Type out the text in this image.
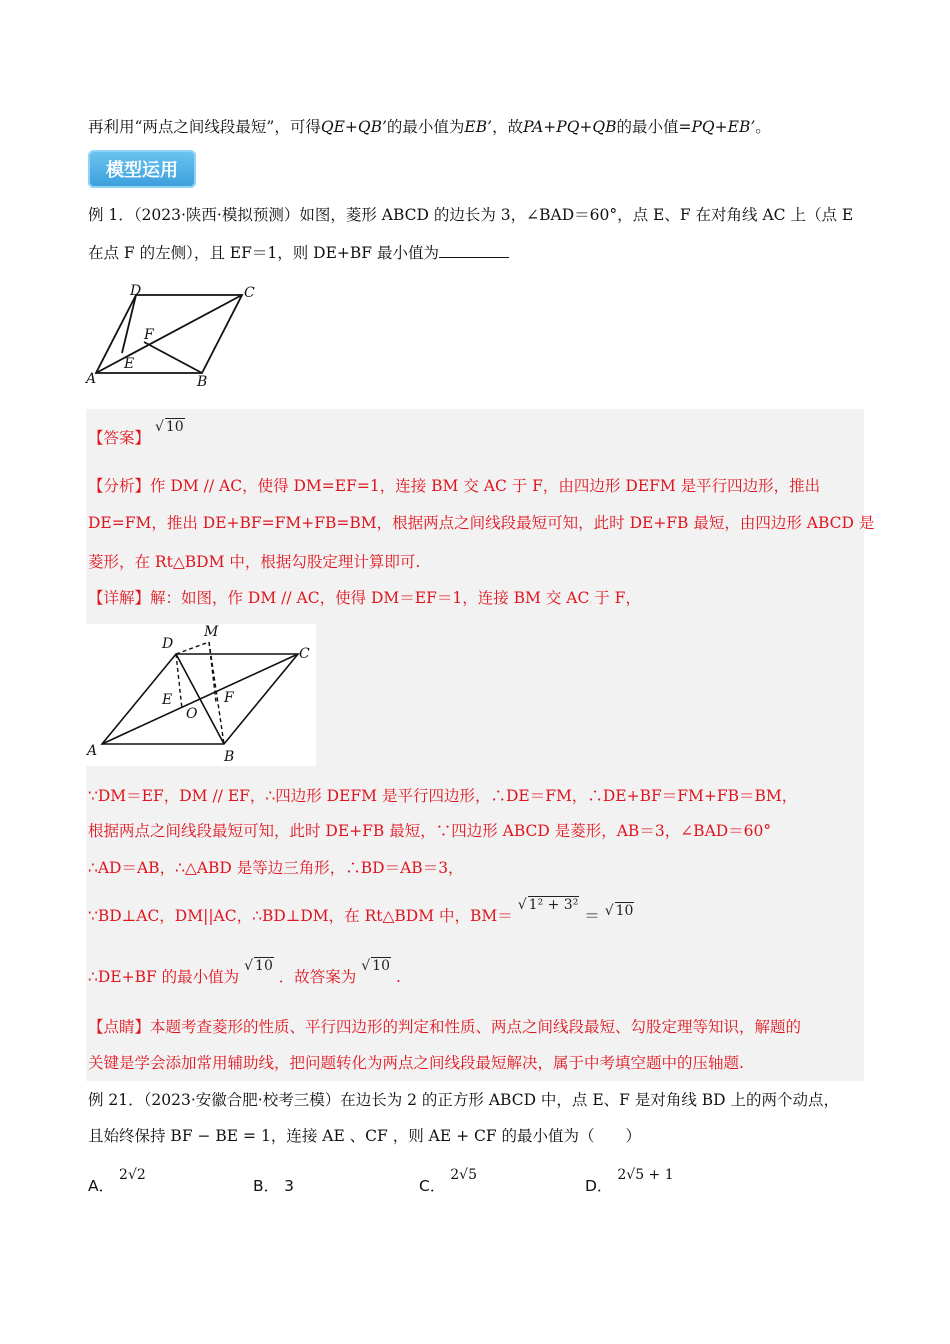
再利用“两点之间线段最短”，可得QE+QB’的最小值为EB’，故PA+PQ+QB的最小值=PQ+EB’。
模型运用
例 1．（2023·陕西·模拟预测）如图，菱形 ABCD 的边长为 3，∠BAD＝60°，点 E、F 在对角线 AC 上（点 E
在点 F 的左侧），且 EF＝1，则 DE+BF 最小值为
D	C
F
E
A	B
【答案】 √ 10
【分析】作 DM // AC，使得 DM=EF=1，连接 BM 交 AC 于 F，由四边形 DEFM 是平行四边形，推出
DE=FM，推出 DE+BF=FM+FB=BM，根据两点之间线段最短可知，此时 DE+FB 最短，由四边形 ABCD 是
菱形，在 Rt△BDM 中，根据勾股定理计算即可.
【详解】解：如图，作 DM // AC，使得 DM＝EF＝1，连接 BM 交 AC 于 F，
D
M
C
E	F
O
A	B
∵DM＝EF，DM // EF，∴四边形 DEFM 是平行四边形，∴DE＝FM，∴DE+BF＝FM+FB＝BM，
根据两点之间线段最短可知，此时 DE+FB 最短，∵四边形 ABCD 是菱形，AB＝3，∠BAD＝60°
∴AD＝AB，∴△ABD 是等边三角形，∴BD＝AB＝3，
∵BD⊥AC，DM||AC，∴BD⊥DM，在 Rt△BDM 中，BM＝ √ 1² + 3² ＝ √ 10
∴DE+BF 的最小值为 √ 10 ．故答案为 √ 10 .
【点睛】本题考查菱形的性质、平行四边形的判定和性质、两点之间线段最短、勾股定理等知识，解题的
关键是学会添加常用辅助线，把问题转化为两点之间线段最短解决，属于中考填空题中的压轴题.
例 21．（2023·安徽合肥·校考三模）在边长为 2 的正方形 ABCD 中，点 E、F 是对角线 BD 上的两个动点，
且始终保持 BF − BE = 1，连接 AE 、CF ，则 AE + CF 的最小值为（　　）
A． 2√2
B． 3	C． 2√5
D． 2√5 + 1
